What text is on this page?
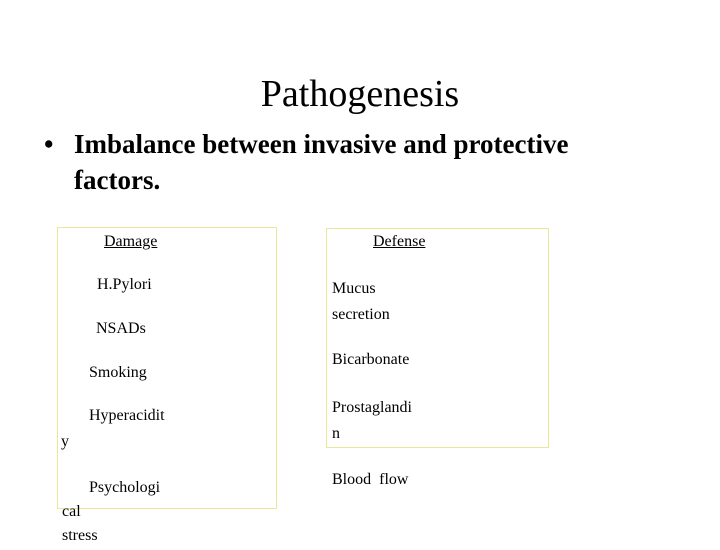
Pathogenesis
• Imbalance between invasive and protective
factors.
Damage
H.Pylori
NSADs
Smoking
Hyperacidit
y
Psychologi
cal
stress
Defense
Mucus
secretion
Bicarbonate
Prostaglandi
n
Blood  flow
